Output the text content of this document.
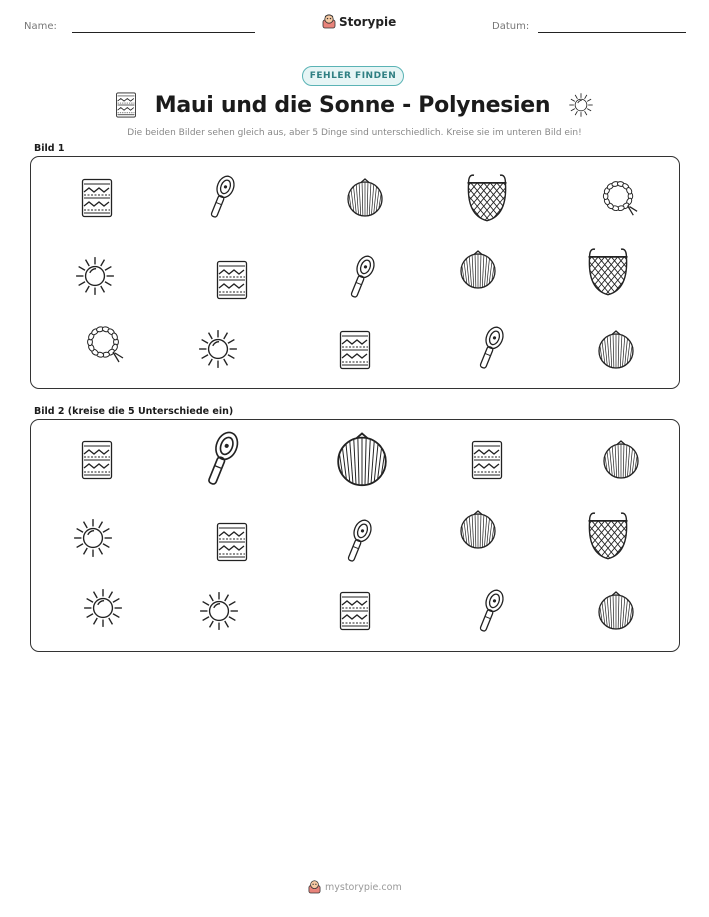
Name:	Storypie	Datum:
FEHLER FINDEN
Maui und die Sonne - Polynesien
Die beiden Bilder sehen gleich aus, aber 5 Dinge sind unterschiedlich. Kreise sie im unteren Bild ein!
Bild 1
Bild 2 (kreise die 5 Unterschiede ein)
mystorypie.com
